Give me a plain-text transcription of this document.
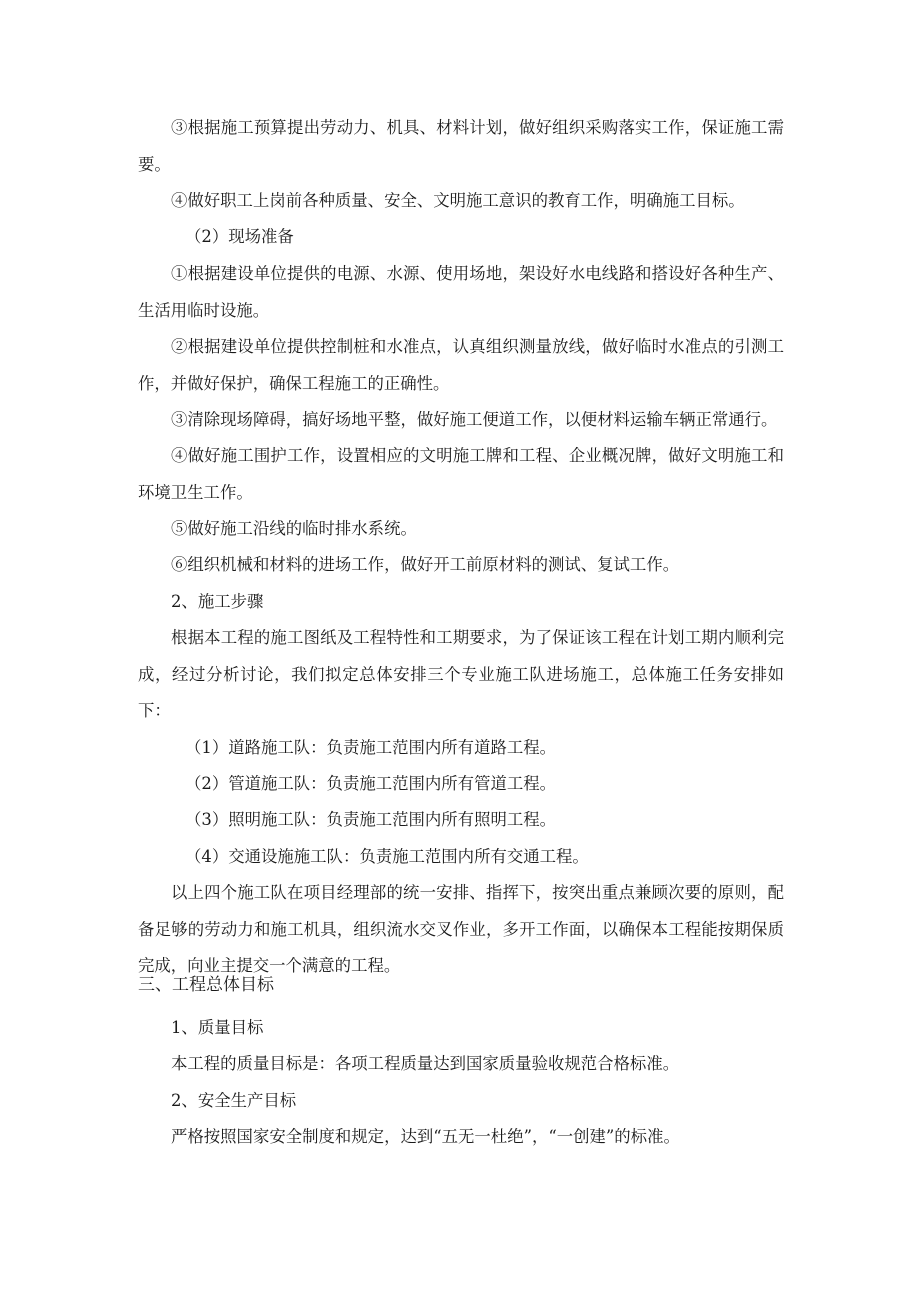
③根据施工预算提出劳动力、机具、材料计划，做好组织采购落实工作，保证施工需要。

④做好职工上岗前各种质量、安全、文明施工意识的教育工作，明确施工目标。

（2）现场准备

①根据建设单位提供的电源、水源、使用场地，架设好水电线路和搭设好各种生产、生活用临时设施。

②根据建设单位提供控制桩和水准点，认真组织测量放线，做好临时水准点的引测工作，并做好保护，确保工程施工的正确性。

③清除现场障碍，搞好场地平整，做好施工便道工作，以便材料运输车辆正常通行。

④做好施工围护工作，设置相应的文明施工牌和工程、企业概况牌，做好文明施工和环境卫生工作。

⑤做好施工沿线的临时排水系统。

⑥组织机械和材料的进场工作，做好开工前原材料的测试、复试工作。

2、施工步骤

根据本工程的施工图纸及工程特性和工期要求，为了保证该工程在计划工期内顺利完成，经过分析讨论，我们拟定总体安排三个专业施工队进场施工，总体施工任务安排如下：

（1）道路施工队：负责施工范围内所有道路工程。

（2）管道施工队：负责施工范围内所有管道工程。

（3）照明施工队：负责施工范围内所有照明工程。

（4）交通设施施工队：负责施工范围内所有交通工程。

以上四个施工队在项目经理部的统一安排、指挥下，按突出重点兼顾次要的原则，配备足够的劳动力和施工机具，组织流水交叉作业，多开工作面，以确保本工程能按期保质完成，向业主提交一个满意的工程。

三、工程总体目标

1、质量目标

本工程的质量目标是：各项工程质量达到国家质量验收规范合格标准。

2、安全生产目标

严格按照国家安全制度和规定，达到“五无一杜绝”，“一创建”的标准。
